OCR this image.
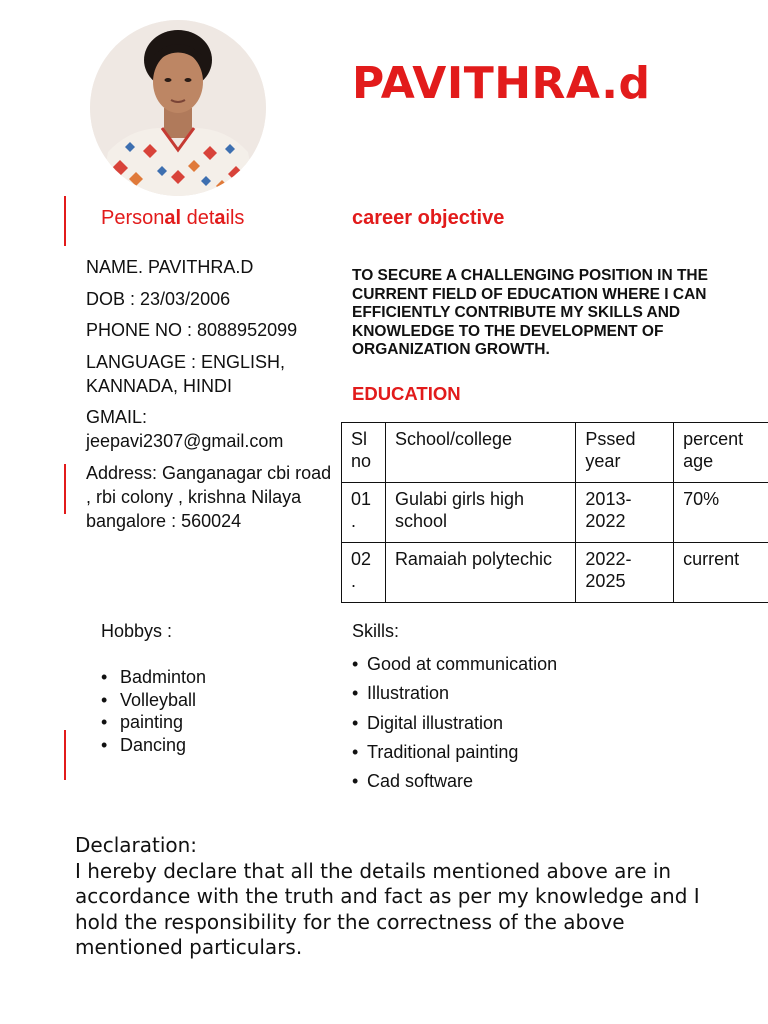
PAVITHRA.d
Personal details	career objective

NAME. PAVITHRA.D

DOB : 23/03/2006

PHONE NO : 8088952099

LANGUAGE : ENGLISH, KANNADA, HINDI

GMAIL:
jeepavi2307@gmail.com

Address: Ganganagar cbi road , rbi colony , krishna Nilaya bangalore : 560024

TO SECURE A CHALLENGING POSITION IN THE CURRENT FIELD OF EDUCATION WHERE I CAN EFFICIENTLY CONTRIBUTE MY SKILLS AND KNOWLEDGE TO THE DEVELOPMENT OF ORGANIZATION GROWTH.
EDUCATION
Sl no	School/college	Pssed year	percent age
01 .	Gulabi girls high school	2013-2022	70%
02 .	Ramaiah polytechic	2022-2025	current
Hobbys :
• Badminton
• Volleyball
• painting
• Dancing
Skills:
• Good at communication
• Illustration
• Digital illustration
• Traditional painting
• Cad software
Declaration:
I hereby declare that all the details mentioned above are in accordance with the truth and fact as per my knowledge and I hold the responsibility for the correctness of the above mentioned particulars.
